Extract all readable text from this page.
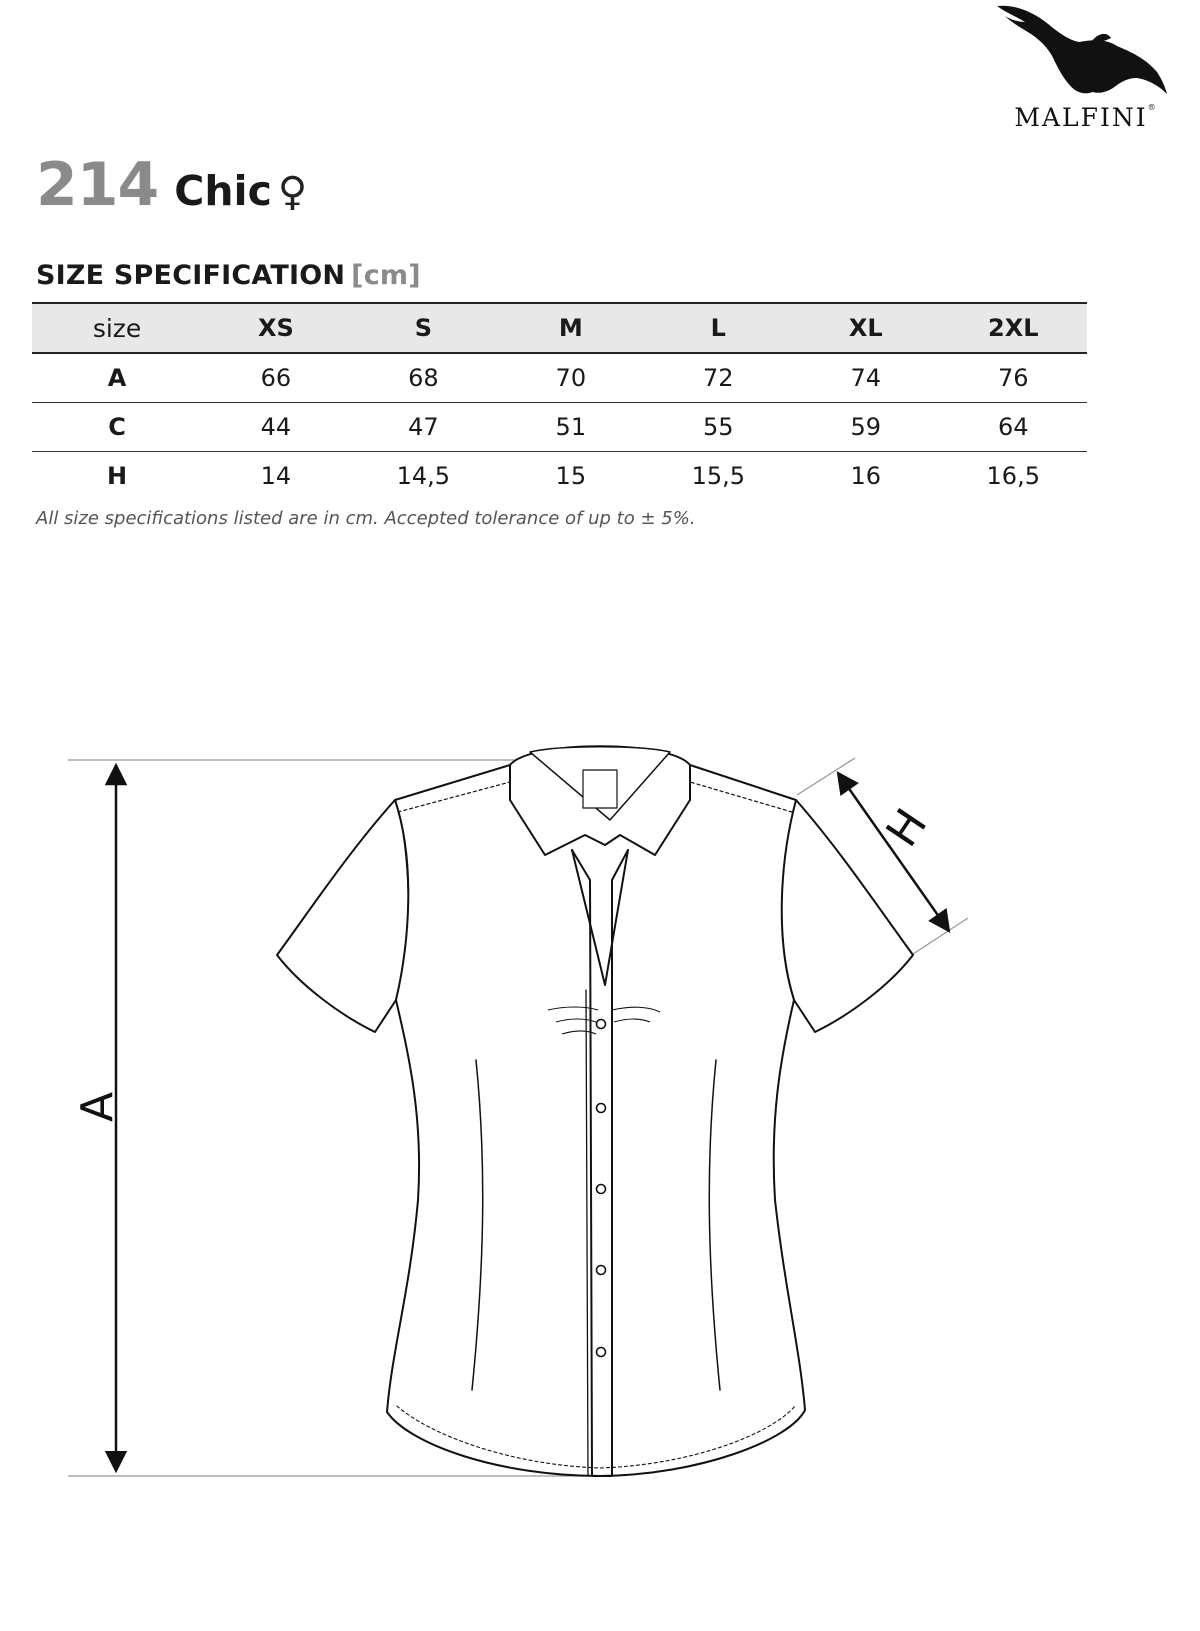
MALFINI®
214 Chic ♀
SIZE SPECIFICATION [cm]
size	XS	S	M	L	XL	2XL
A	66	68	70	72	74	76
C	44	47	51	55	59	64
H	14	14,5	15	15,5	16	16,5
All size specifications listed are in cm. Accepted tolerance of up to ± 5%.
A
H
